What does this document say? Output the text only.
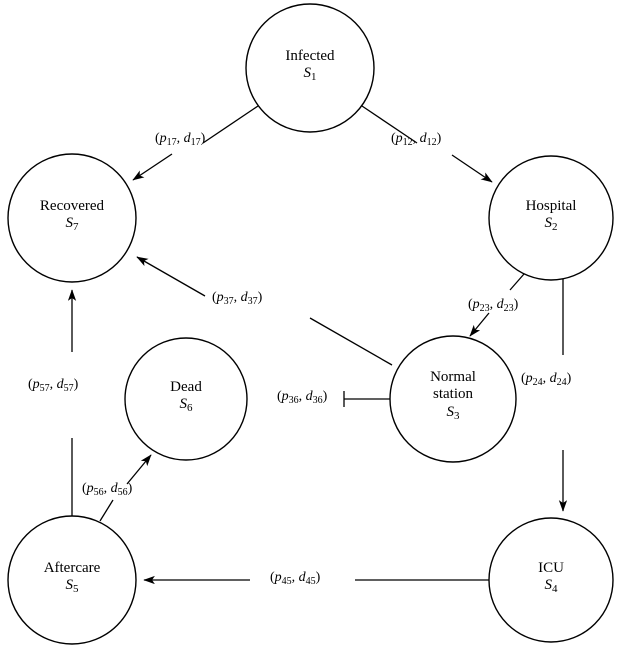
Infected
$S_1$
Hospital
$S_2$
Normal
station
$S_3$
ICU
$S_4$
Aftercare
$S_5$
Dead
$S_6$
Recovered
$S_7$
($p_{17}$, $d_{17}$)	($p_{12}$, $d_{12}$)
($p_{23}$, $d_{23}$)
($p_{24}$, $d_{24}$)
($p_{37}$, $d_{37}$)
($p_{36}$, $d_{36}$)
($p_{45}$, $d_{45}$)
($p_{56}$, $d_{56}$)
($p_{57}$, $d_{57}$)
